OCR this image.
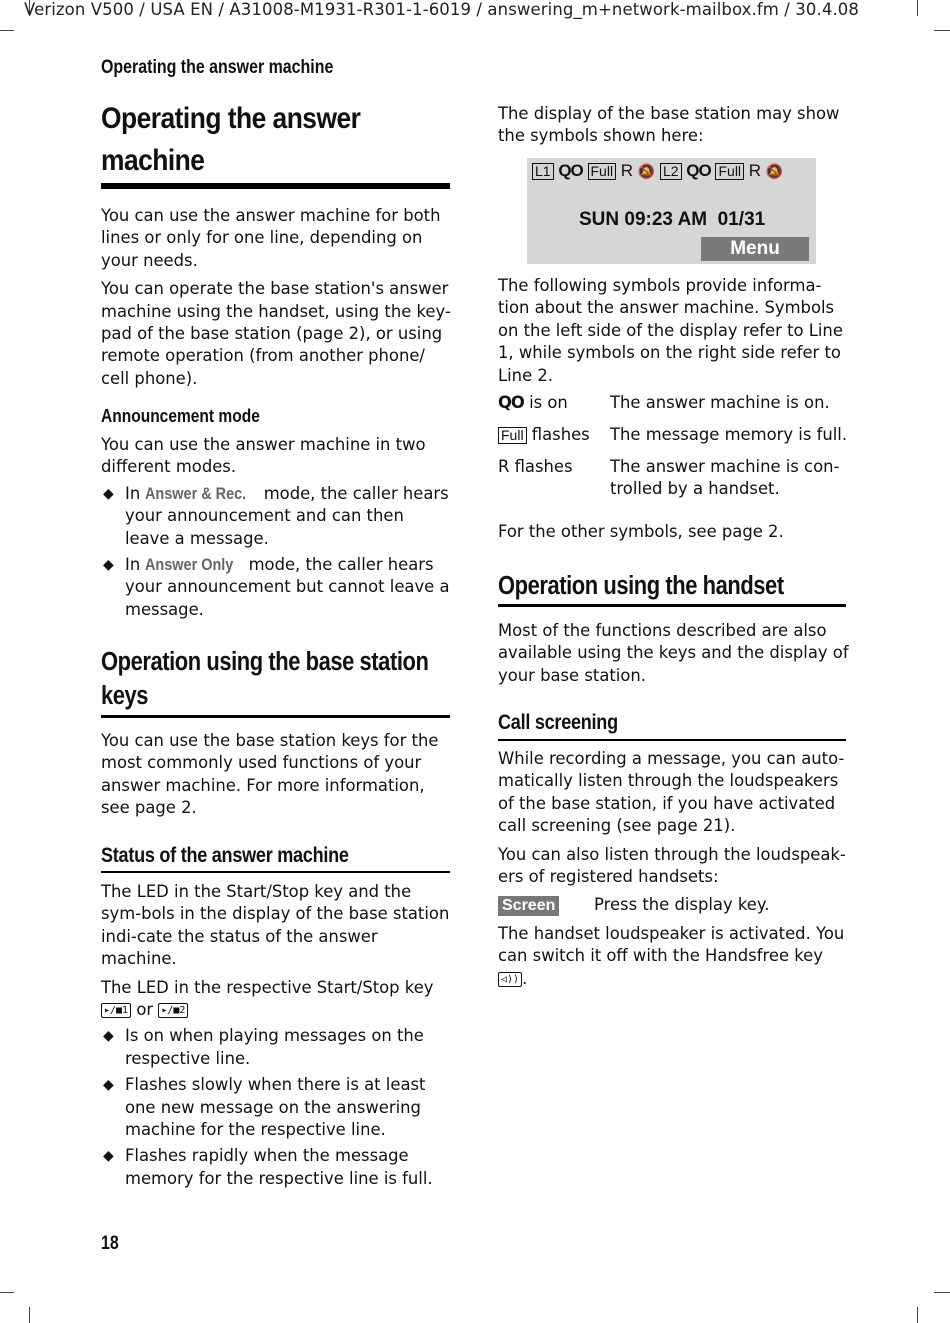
Verizon V500 / USA EN / A31008-M1931-R301-1-6019 / answering_m+network-mailbox.fm / 30.4.08
Operating the answer machine
Operating the answer
machine

You can use the answer machine for both lines or only for one line, depending on your needs.

You can operate the base station's answer machine using the handset, using the key-pad of the base station (page 2), or using remote operation (from another phone/ cell phone).

Announcement mode

You can use the answer machine in two different modes.

◆ In Answer & Rec. mode, the caller hears your announcement and can then leave a message.
◆ In Answer Only mode, the caller hears your announcement but cannot leave a message.
Operation using the base station
keys
You can use the base station keys for the most commonly used functions of your answer machine. For more information, see page 2.
Status of the answer machine

The LED in the Start/Stop key and the sym-bols in the display of the base station indi-cate the status of the answer machine.

The LED in the respective Start/Stop key
▸/■1 or ▸/■2

◆ Is on when playing messages on the respective line.
◆ Flashes slowly when there is at least one new message on the answering machine for the respective line.
◆ Flashes rapidly when the message memory for the respective line is full.
18
The display of the base station may show the symbols shown here:
L1 QO Full R 🔕 L2 QO Full R 🔕
SUN 09:23 AM  01/31
Menu
The following symbols provide informa-tion about the answer machine. Symbols on the left side of the display refer to Line 1, while symbols on the right side refer to Line 2.
QO is on	The answer machine is on.
Full flashes	The message memory is full.
R flashes	The answer machine is con-trolled by a handset.
For the other symbols, see page 2.
Operation using the handset
Most of the functions described are also available using the keys and the display of your base station.
Call screening

While recording a message, you can auto-matically listen through the loudspeakers of the base station, if you have activated call screening (see page 21).

You can also listen through the loudspeak-ers of registered handsets:

Screen	Press the display key.

The handset loudspeaker is activated. You can switch it off with the Handsfree key
◁)) .
